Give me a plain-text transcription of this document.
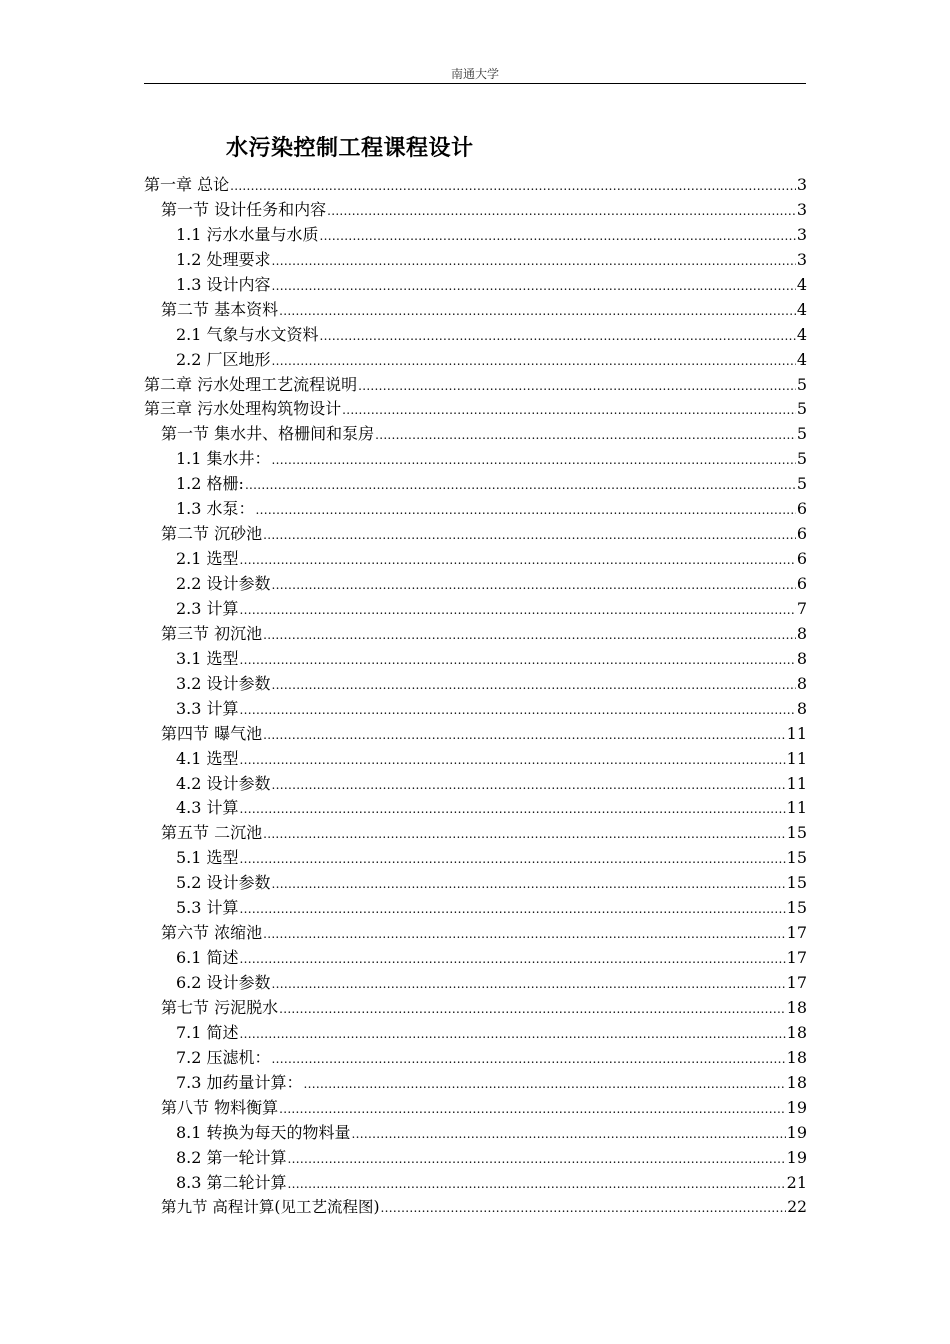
南通大学
水污染控制工程课程设计
第一章 总论 .....	3
第一节 设计任务和内容 .....	3
1.1 污水水量与水质 .....	3
1.2 处理要求 .....	3
1.3 设计内容 .....	4
第二节 基本资料 .....	4
2.1 气象与水文资料 .....	4
2.2 厂区地形 .....	4
第二章 污水处理工艺流程说明 .....	5
第三章 污水处理构筑物设计 .....	5
第一节 集水井、格栅间和泵房 .....	5
1.1 集水井： .....	5
1.2 格栅: .....	5
1.3 水泵： .....	6
第二节 沉砂池 .....	6
2.1 选型 .....	6
2.2 设计参数 .....	6
2.3 计算 .....	7
第三节 初沉池 .....	8
3.1 选型 .....	8
3.2 设计参数 .....	8
3.3 计算 .....	8
第四节 曝气池 .....	11
4.1 选型 .....	11
4.2 设计参数 .....	11
4.3 计算 .....	11
第五节 二沉池 .....	15
5.1 选型 .....	15
5.2 设计参数 .....	15
5.3 计算 .....	15
第六节 浓缩池 .....	17
6.1 简述 .....	17
6.2 设计参数 .....	17
第七节 污泥脱水 .....	18
7.1 简述 .....	18
7.2 压滤机： .....	18
7.3 加药量计算： .....	18
第八节 物料衡算 .....	19
8.1 转换为每天的物料量 .....	19
8.2 第一轮计算 .....	19
8.3 第二轮计算 .....	21
第九节 高程计算(见工艺流程图) .....	22
